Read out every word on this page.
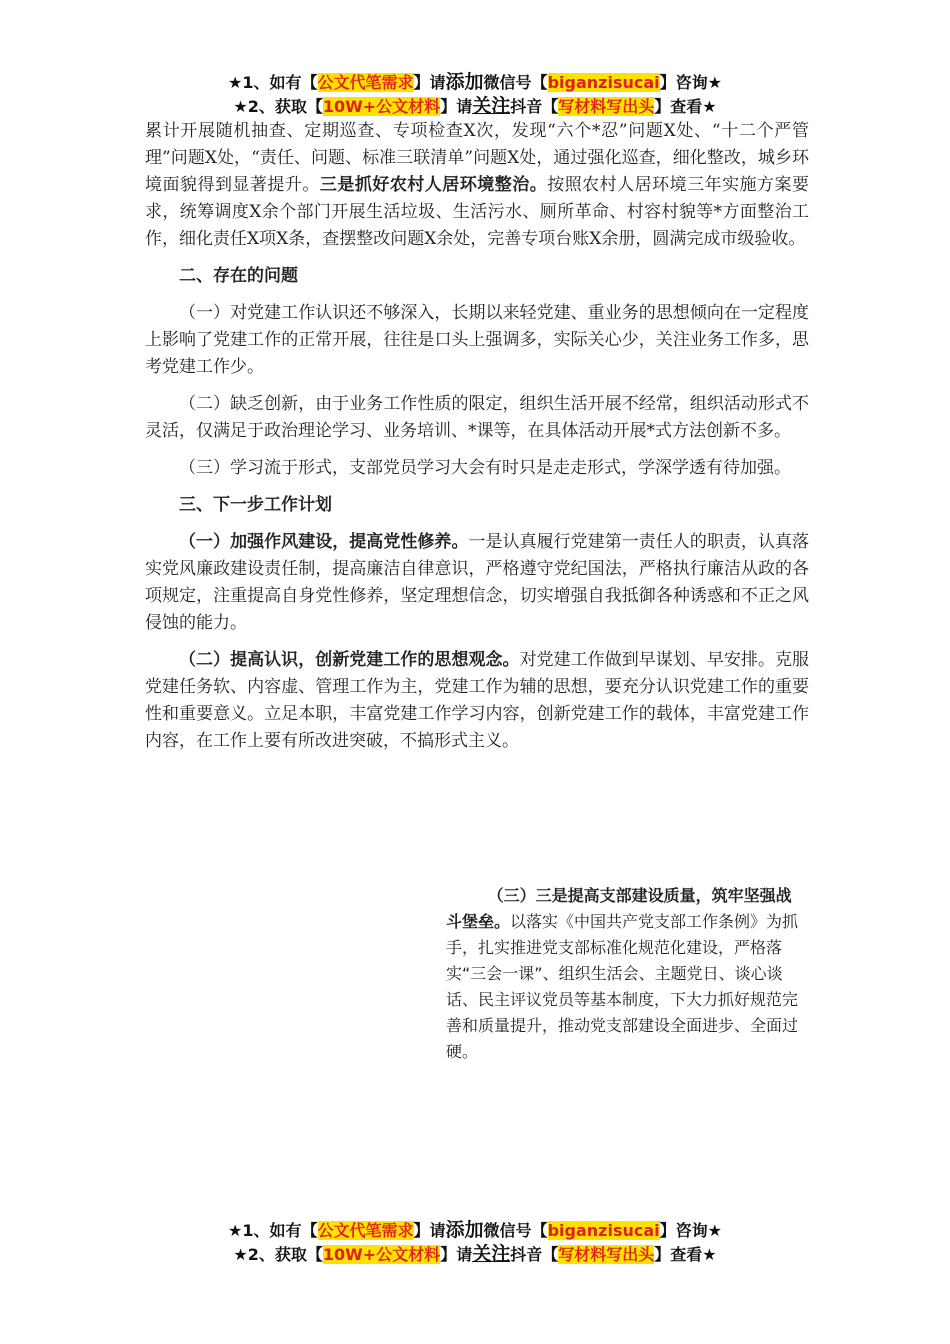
★1、如有【公文代笔需求】请添加微信号【biganzisucai】咨询★
★2、获取【10W+公文材料】请关注抖音【写材料写出头】查看★

累计开展随机抽查、定期巡查、专项检查X次，发现“六个*忍”问题X处、“十二个严管理”问题X处，“责任、问题、标准三联清单”问题X处，通过强化巡查，细化整改，城乡环境面貌得到显著提升。三是抓好农村人居环境整治。按照农村人居环境三年实施方案要求，统筹调度X余个部门开展生活垃圾、生活污水、厕所革命、村容村貌等*方面整治工作，细化责任X项X条，查摆整改问题X余处，完善专项台账X余册，圆满完成市级验收。

二、存在的问题

（一）对党建工作认识还不够深入，长期以来轻党建、重业务的思想倾向在一定程度上影响了党建工作的正常开展，往往是口头上强调多，实际关心少，关注业务工作多，思考党建工作少。

（二）缺乏创新，由于业务工作性质的限定，组织生活开展不经常，组织活动形式不灵活，仅满足于政治理论学习、业务培训、*课等，在具体活动开展*式方法创新不多。

（三）学习流于形式，支部党员学习大会有时只是走走形式，学深学透有待加强。

三、下一步工作计划

（一）加强作风建设，提高党性修养。一是认真履行党建第一责任人的职责，认真落实党风廉政建设责任制，提高廉洁自律意识，严格遵守党纪国法，严格执行廉洁从政的各项规定，注重提高自身党性修养，坚定理想信念，切实增强自我抵御各种诱惑和不正之风侵蚀的能力。

（二）提高认识，创新党建工作的思想观念。对党建工作做到早谋划、早安排。克服党建任务软、内容虚、管理工作为主，党建工作为辅的思想，要充分认识党建工作的重要性和重要意义。立足本职，丰富党建工作学习内容，创新党建工作的载体，丰富党建工作内容，在工作上要有所改进突破，不搞形式主义。

（三）三是提高支部建设质量，筑牢坚强战斗堡垒。以落实《中国共产党支部工作条例》为抓手，扎实推进党支部标准化规范化建设，严格落实“三会一课”、组织生活会、主题党日、谈心谈话、民主评议党员等基本制度，下大力抓好规范完善和质量提升，推动党支部建设全面进步、全面过硬。

★1、如有【公文代笔需求】请添加微信号【biganzisucai】咨询★
★2、获取【10W+公文材料】请关注抖音【写材料写出头】查看★
